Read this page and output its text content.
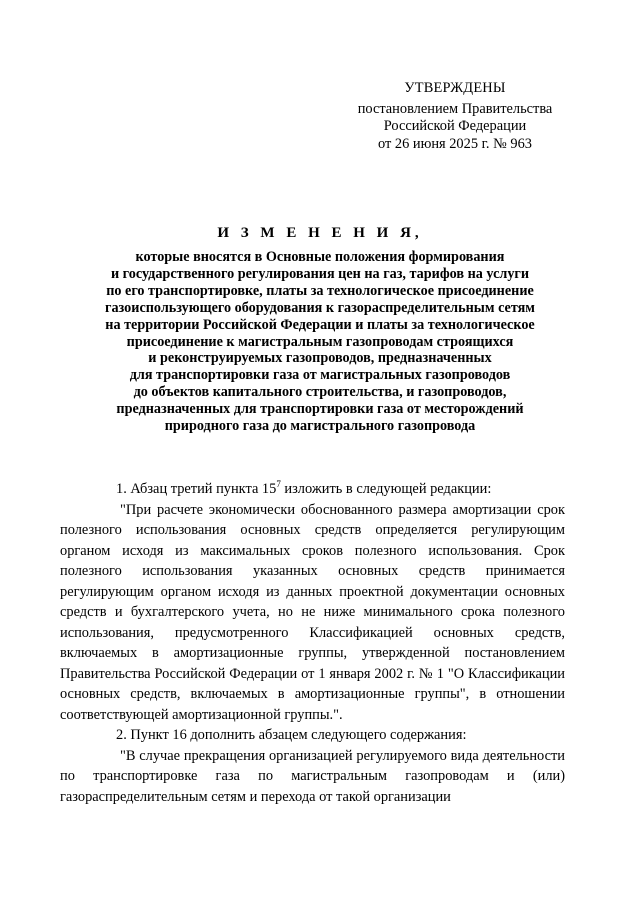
УТВЕРЖДЕНЫ
постановлением Правительства
Российской Федерации
от 26 июня 2025 г. № 963
И З М Е Н Е Н И Я,
которые вносятся в Основные положения формирования
и государственного регулирования цен на газ, тарифов на услуги
по его транспортировке, платы за технологическое присоединение
газоиспользующего оборудования к газораспределительным сетям
на территории Российской Федерации и платы за технологическое
присоединение к магистральным газопроводам строящихся
и реконструируемых газопроводов, предназначенных
для транспортировки газа от магистральных газопроводов
до объектов капитального строительства, и газопроводов,
предназначенных для транспортировки газа от месторождений
природного газа до магистрального газопровода

1. Абзац третий пункта $15^7$ изложить в следующей редакции:

"При расчете экономически обоснованного размера амортизации срок полезного использования основных средств определяется регулирующим органом исходя из максимальных сроков полезного использования. Срок полезного использования указанных основных средств принимается регулирующим органом исходя из данных проектной документации основных средств и бухгалтерского учета, но не ниже минимального срока полезного использования, предусмотренного Классификацией основных средств, включаемых в амортизационные группы, утвержденной постановлением Правительства Российской Федерации от 1 января 2002 г. № 1 "О Классификации основных средств, включаемых в амортизационные группы", в отношении соответствующей амортизационной группы.".

2. Пункт 16 дополнить абзацем следующего содержания:

"В случае прекращения организацией регулируемого вида деятельности по транспортировке газа по магистральным газопроводам и (или) газораспределительным сетям и перехода от такой организации
